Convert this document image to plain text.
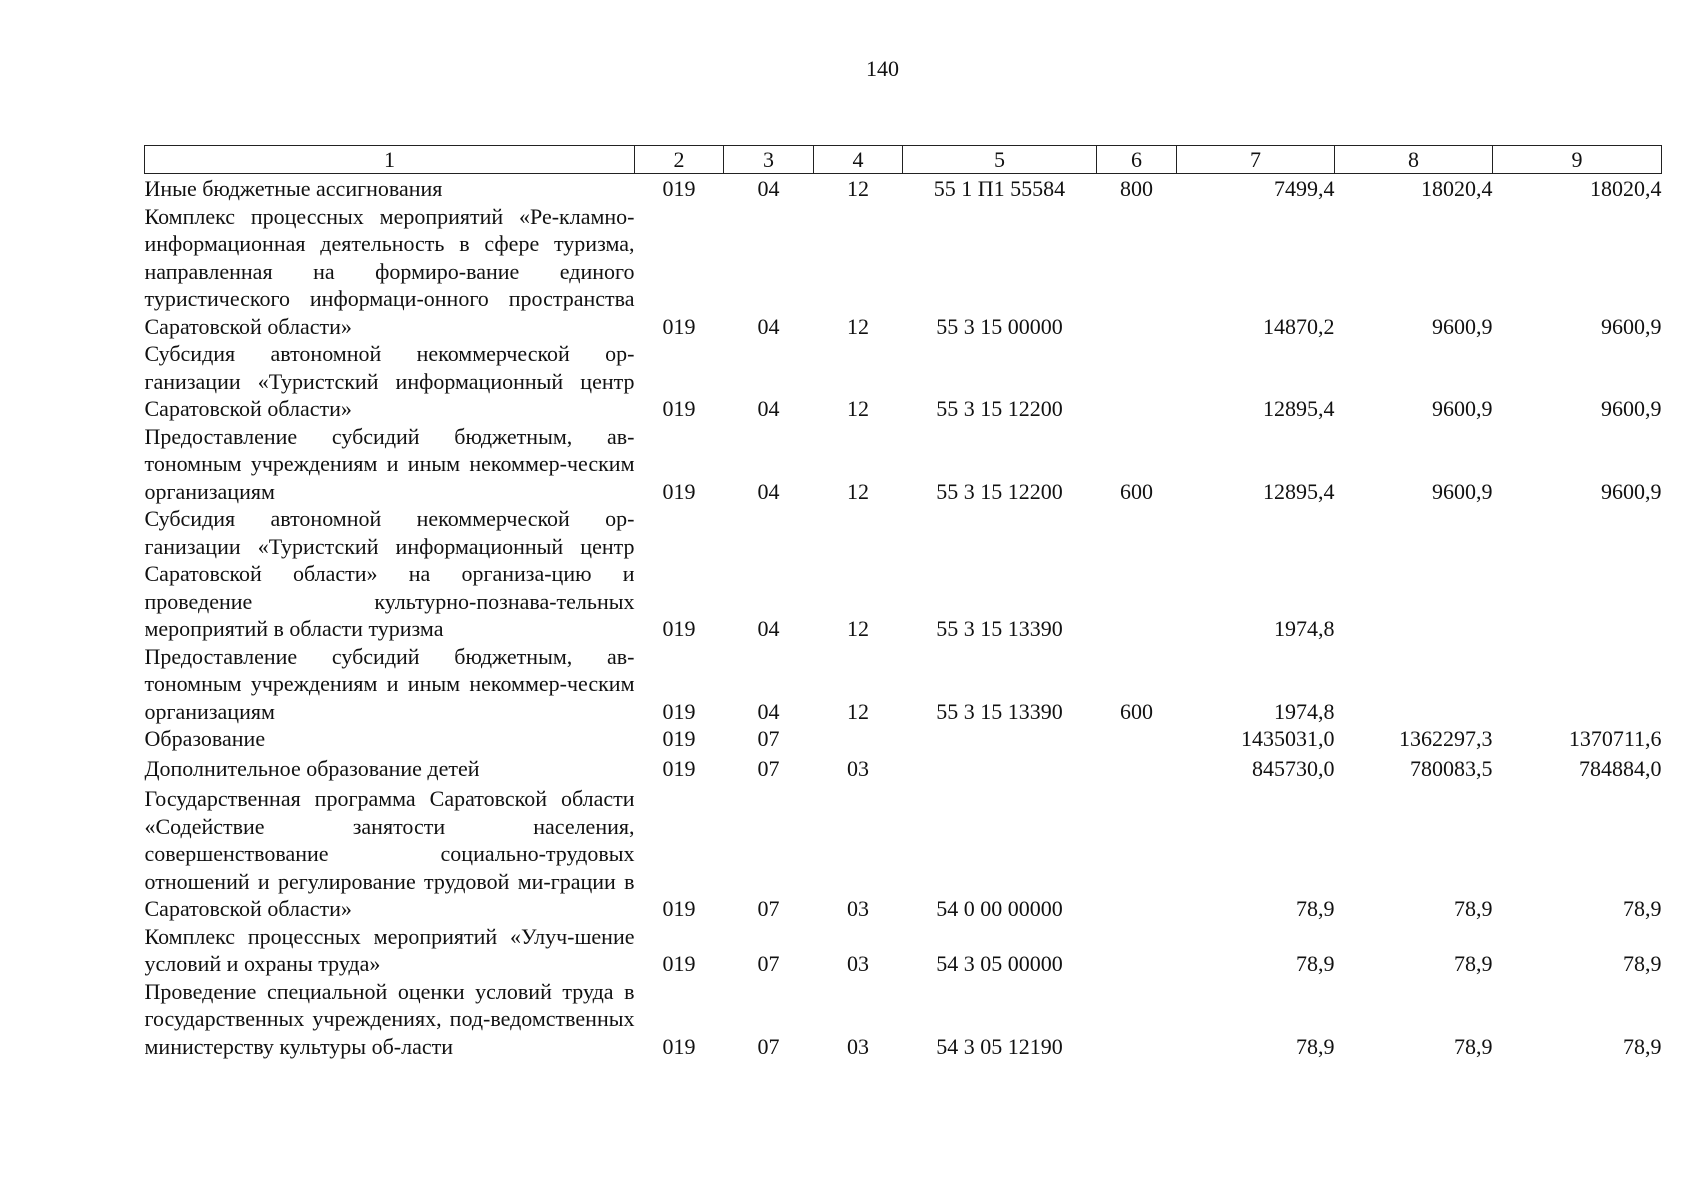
140
1	2	3	4	5	6	7	8	9
Иные бюджетные ассигнования	019	04	12	55 1 П1 55584	800	7499,4	18020,4	18020,4
Комплекс процессных мероприятий «Ре-кламно-информационная деятельность в сфере туризма, направленная на формиро-вание единого туристического информаци-онного пространства Саратовской области»	019	04	12	55 3 15 00000		14870,2	9600,9	9600,9
Субсидия автономной некоммерческой ор-ганизации «Туристский информационный центр Саратовской области»	019	04	12	55 3 15 12200		12895,4	9600,9	9600,9
Предоставление субсидий бюджетным, ав-тономным учреждениям и иным некоммер-ческим организациям	019	04	12	55 3 15 12200	600	12895,4	9600,9	9600,9
Субсидия автономной некоммерческой ор-ганизации «Туристский информационный центр Саратовской области» на организа-цию и проведение культурно-познава-тельных мероприятий в области туризма	019	04	12	55 3 15 13390		1974,8		
Предоставление субсидий бюджетным, ав-тономным учреждениям и иным некоммер-ческим организациям	019	04	12	55 3 15 13390	600	1974,8		
Образование	019	07				1435031,0	1362297,3	1370711,6
Дополнительное образование детей	019	07	03			845730,0	780083,5	784884,0
Государственная программа Саратовской области «Содействие занятости населения, совершенствование социально-трудовых отношений и регулирование трудовой ми-грации в Саратовской области»	019	07	03	54 0 00 00000		78,9	78,9	78,9
Комплекс процессных мероприятий «Улуч-шение условий и охраны труда»	019	07	03	54 3 05 00000		78,9	78,9	78,9
Проведение специальной оценки условий труда в государственных учреждениях, под-ведомственных министерству культуры об-ласти	019	07	03	54 3 05 12190		78,9	78,9	78,9
